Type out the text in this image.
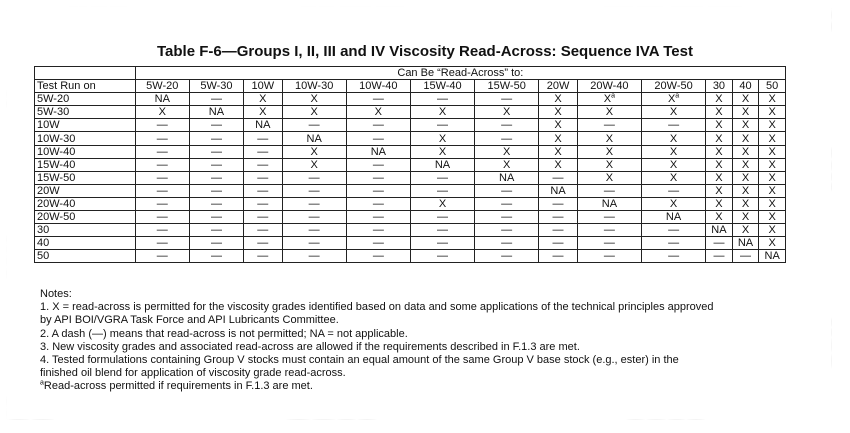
Table F-6—Groups I, II, III and IV Viscosity Read-Across: Sequence IVA Test
	Can Be “Read-Across” to:												
Test Run on	5W-20	5W-30	10W	10W-30	10W-40	15W-40	15W-50	20W	20W-40	20W-50	30	40	50
5W-20	NA	—	X	X	—	—	—	X	$X^a$	$X^a$	X	X	X
5W-30	X	NA	X	X	X	X	X	X	X	X	X	X	X
10W	—	—	NA	—	—	—	—	X	—	—	X	X	X
10W-30	—	—	—	NA	—	X	—	X	X	X	X	X	X
10W-40	—	—	—	X	NA	X	X	X	X	X	X	X	X
15W-40	—	—	—	X	—	NA	X	X	X	X	X	X	X
15W-50	—	—	—	—	—	—	NA	—	X	X	X	X	X
20W	—	—	—	—	—	—	—	NA	—	—	X	X	X
20W-40	—	—	—	—	—	X	—	—	NA	X	X	X	X
20W-50	—	—	—	—	—	—	—	—	—	NA	X	X	X
30	—	—	—	—	—	—	—	—	—	—	NA	X	X
40	—	—	—	—	—	—	—	—	—	—	—	NA	X
50	—	—	—	—	—	—	—	—	—	—	—	—	NA
Notes:
1. X = read-across is permitted for the viscosity grades identified based on data and some applications of the technical principles approved
by API BOI/VGRA Task Force and API Lubricants Committee.
2. A dash (—) means that read-across is not permitted; NA = not applicable.
3. New viscosity grades and associated read-across are allowed if the requirements described in F.1.3 are met.
4. Tested formulations containing Group V stocks must contain an equal amount of the same Group V base stock (e.g., ester) in the
finished oil blend for application of viscosity grade read-across.
$^a$Read-across permitted if requirements in F.1.3 are met.
